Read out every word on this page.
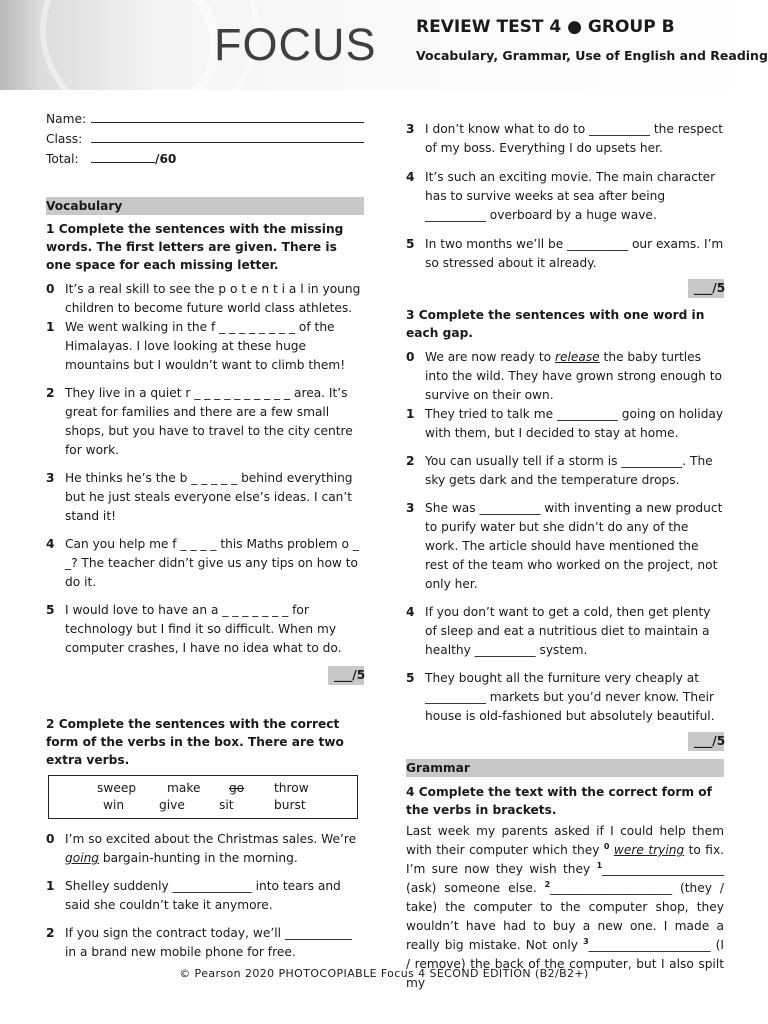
FOCUS REVIEW TEST 4 ● GROUP B
Vocabulary, Grammar, Use of English and Reading
Name:
Class:
Total:	/60
Vocabulary
1 Complete the sentences with the missing words. The first letters are given. There is one space for each missing letter.
0 It’s a real skill to see the p o t e n t i a l in young children to become future world class athletes.
1 We went walking in the f _ _ _ _ _ _ _ _ of the Himalayas. I love looking at these huge mountains but I wouldn’t want to climb them!
2 They live in a quiet r _ _ _ _ _ _ _ _ _ _ area. It’s great for families and there are a few small shops, but you have to travel to the city centre for work.
3 He thinks he’s the b _ _ _ _ _ behind everything but he just steals everyone else’s ideas. I can’t stand it!
4 Can you help me f _ _ _ _ this Maths problem o _ _? The teacher didn’t give us any tips on how to do it.
5 I would love to have an a _ _ _ _ _ _ _ for technology but I find it so difficult. When my computer crashes, I have no idea what to do.
___/5
2 Complete the sentences with the correct form of the verbs in the box. There are two extra verbs.
sweep	make go throw
win	give	sit	burst
0 I’m so excited about the Christmas sales. We’re going bargain-hunting in the morning.
1 Shelley suddenly _____________ into tears and said she couldn’t take it anymore.
2 If you sign the contract today, we’ll ___________ in a brand new mobile phone for free.
3 I don’t know what to do to __________ the respect of my boss. Everything I do upsets her.
4 It’s such an exciting movie. The main character has to survive weeks at sea after being __________ overboard by a huge wave.
5 In two months we’ll be __________ our exams. I’m so stressed about it already.
___/5
3 Complete the sentences with one word in each gap.
0 We are now ready to release the baby turtles into the wild. They have grown strong enough to survive on their own.
1 They tried to talk me __________ going on holiday with them, but I decided to stay at home.
2 You can usually tell if a storm is __________. The sky gets dark and the temperature drops.
3 She was __________ with inventing a new product to purify water but she didn’t do any of the work. The article should have mentioned the rest of the team who worked on the project, not only her.
4 If you don’t want to get a cold, then get plenty of sleep and eat a nutritious diet to maintain a healthy __________ system.
5 They bought all the furniture very cheaply at __________ markets but you’d never know. Their house is old-fashioned but absolutely beautiful.
___/5
Grammar
4 Complete the text with the correct form of the verbs in brackets.
Last week my parents asked if I could help them with their computer which they $^0$ were trying to fix. I’m sure now they wish they $^1$____________________ (ask) someone else. $^2$____________________ (they / take) the computer to the computer shop, they wouldn’t have had to buy a new one. I made a really big mistake. Not only $^3$____________________ (I / remove) the back of the computer, but I also spilt my
© Pearson 2020 PHOTOCOPIABLE Focus 4 SECOND EDITION (B2/B2+)
